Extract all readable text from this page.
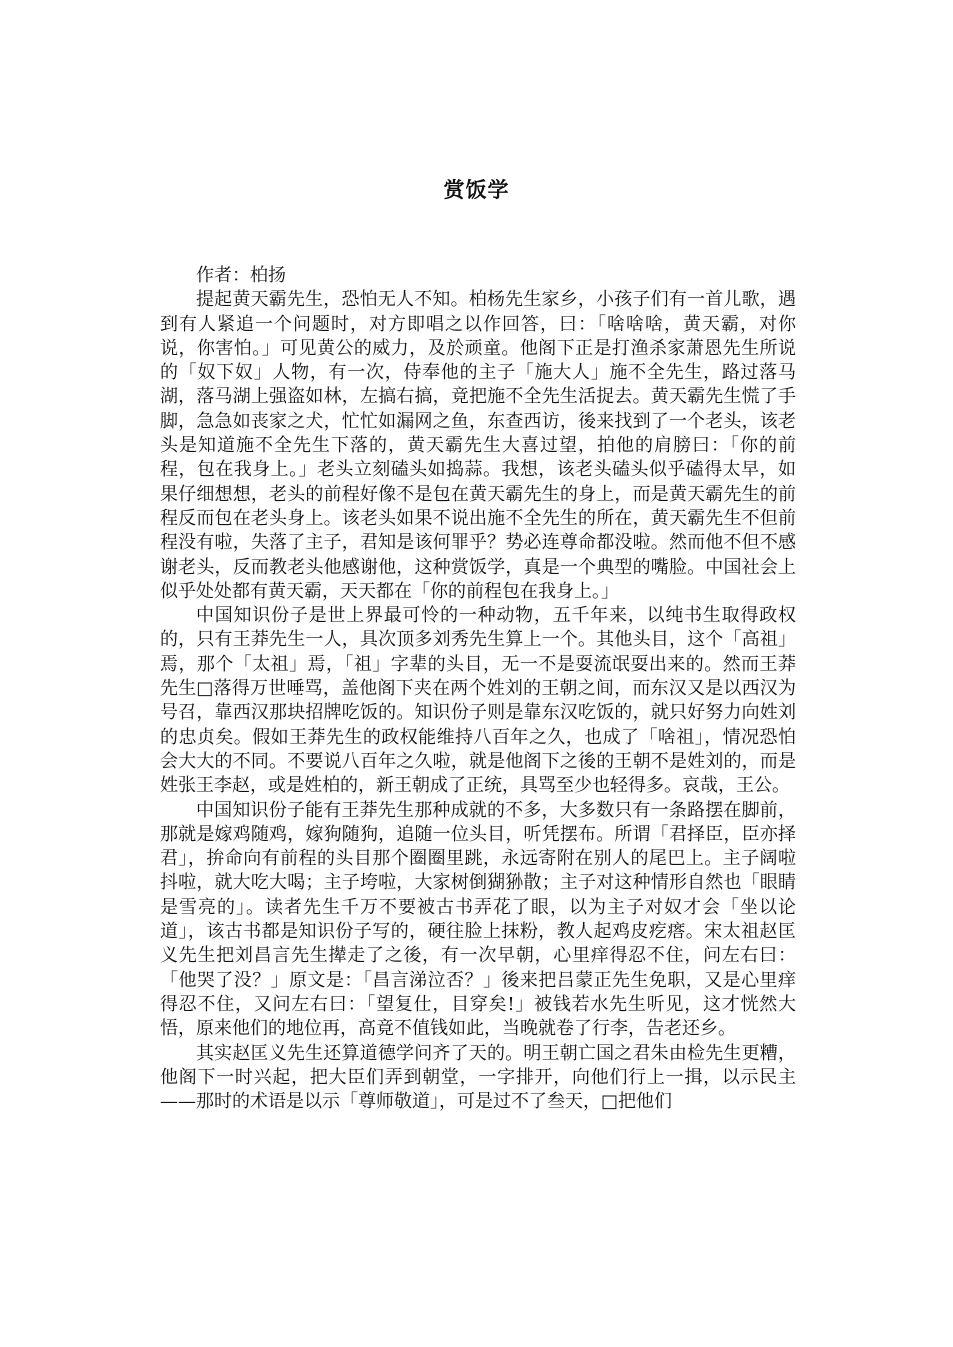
赏饭学

作者：柏扬

提起黄天霸先生，恐怕无人不知。柏杨先生家乡，小孩子们有一首儿歌，遇到有人紧追一个问题时，对方即唱之以作回答，曰：「啥啥啥，黄天霸，对你说，你害怕。」可见黄公的威力，及於顽童。他阁下正是打渔杀家萧恩先生所说的「奴下奴」人物，有一次，侍奉他的主子「施大人」施不全先生，路过落马湖，落马湖上强盗如林，左搞右搞，竟把施不全先生活捉去。黄天霸先生慌了手脚，急急如丧家之犬，忙忙如漏网之鱼，东查西访，後来找到了一个老头，该老头是知道施不全先生下落的，黄天霸先生大喜过望，拍他的肩膀曰：「你的前程，包在我身上。」老头立刻磕头如捣蒜。我想，该老头磕头似乎磕得太早，如果仔细想想，老头的前程好像不是包在黄天霸先生的身上，而是黄天霸先生的前程反而包在老头身上。该老头如果不说出施不全先生的所在，黄天霸先生不但前程没有啦，失落了主子，君知是该何罪乎？势必连尊命都没啦。然而他不但不感谢老头，反而教老头他感谢他，这种赏饭学，真是一个典型的嘴脸。中国社会上似乎处处都有黄天霸，天天都在「你的前程包在我身上。」

中国知识份子是世上界最可怜的一种动物，五千年来，以纯书生取得政权的，只有王莽先生一人，具次顶多刘秀先生算上一个。其他头目，这个「高祖」焉，那个「太祖」焉，「祖」字辈的头目，无一不是耍流氓耍出来的。然而王莽先生□落得万世唾骂，盖他阁下夹在两个姓刘的王朝之间，而东汉又是以西汉为号召，靠西汉那块招牌吃饭的。知识份子则是靠东汉吃饭的，就只好努力向姓刘的忠贞矣。假如王莽先生的政权能维持八百年之久，也成了「啥祖」，情况恐怕会大大的不同。不要说八百年之久啦，就是他阁下之後的王朝不是姓刘的，而是姓张王李赵，或是姓柏的，新王朝成了正统，具骂至少也轻得多。哀哉，王公。

中国知识份子能有王莽先生那种成就的不多，大多数只有一条路摆在脚前，那就是嫁鸡随鸡，嫁狗随狗，追随一位头目，听凭摆布。所谓「君择臣，臣亦择君」，拚命向有前程的头目那个圈圈里跳，永远寄附在别人的尾巴上。主子阔啦抖啦，就大吃大喝；主子垮啦，大家树倒猢狲散；主子对这种情形自然也「眼睛是雪亮的」。读者先生千万不要被古书弄花了眼，以为主子对奴才会「坐以论道」，该古书都是知识份子写的，硬往脸上抹粉，教人起鸡皮疙瘩。宋太祖赵匡义先生把刘昌言先生撵走了之後，有一次早朝，心里痒得忍不住，问左右曰：「他哭了没？」原文是：「昌言涕泣否？」後来把吕蒙正先生免职，又是心里痒得忍不住，又问左右曰：「望复仕，目穿矣!」被钱若水先生听见，这才恍然大悟，原来他们的地位再，高竟不值钱如此，当晚就卷了行李，告老还乡。

其实赵匡义先生还算道德学问齐了天的。明王朝亡国之君朱由检先生更糟，他阁下一时兴起，把大臣们弄到朝堂，一字排开，向他们行上一揖，以示民主——那时的术语是以示「尊师敬道」，可是过不了叁天，□把他们
